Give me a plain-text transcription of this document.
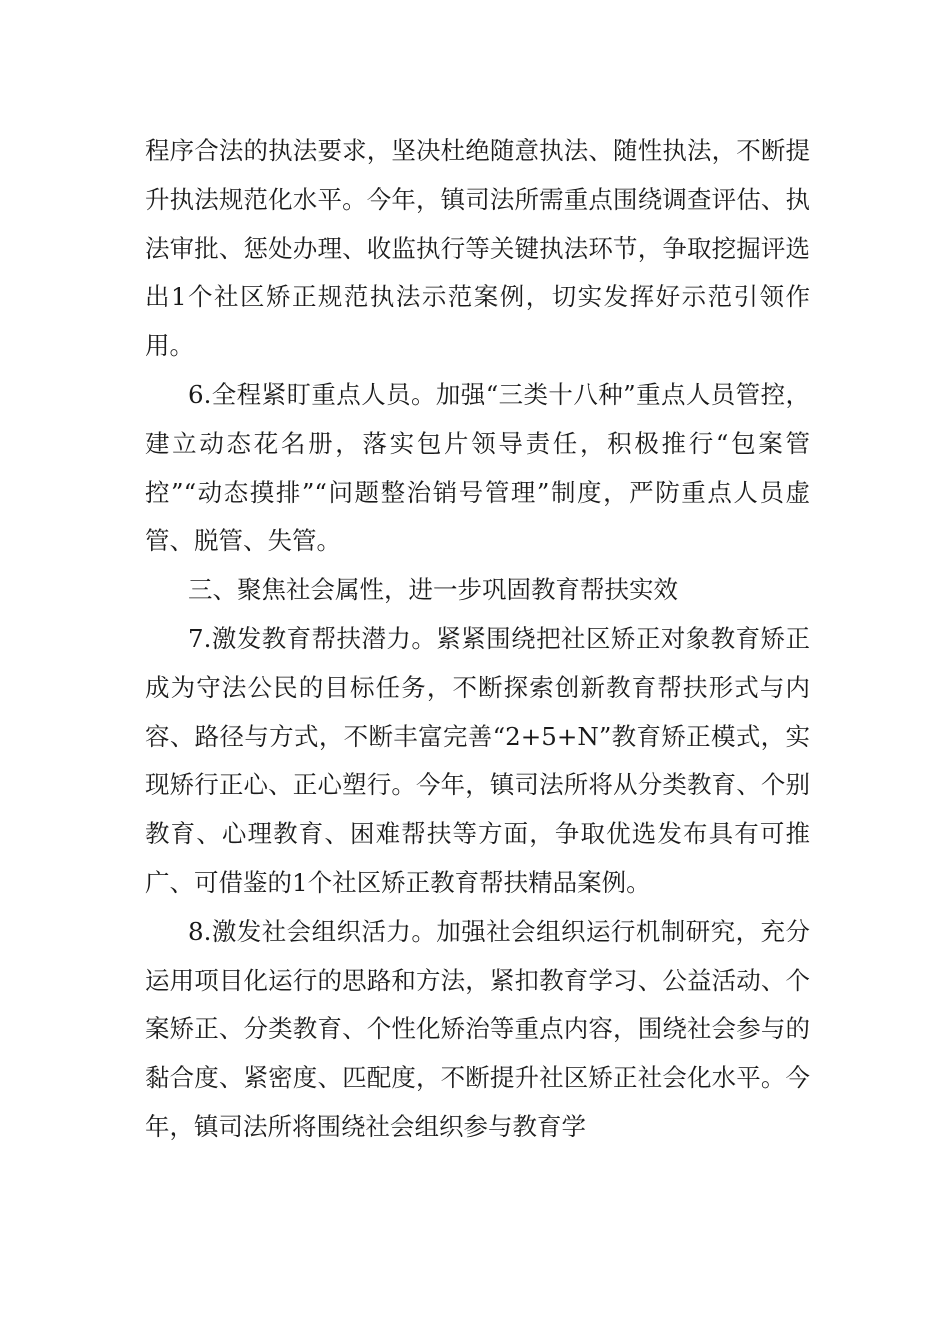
程序合法的执法要求，坚决杜绝随意执法、随性执法，不断提升执法规范化水平。今年，镇司法所需重点围绕调查评估、执法审批、惩处办理、收监执行等关键执法环节，争取挖掘评选出1个社区矫正规范执法示范案例，切实发挥好示范引领作用。

6.全程紧盯重点人员。加强“三类十八种”重点人员管控，建立动态花名册，落实包片领导责任，积极推行“包案管控”“动态摸排”“问题整治销号管理”制度，严防重点人员虚管、脱管、失管。

三、聚焦社会属性，进一步巩固教育帮扶实效

7.激发教育帮扶潜力。紧紧围绕把社区矫正对象教育矫正成为守法公民的目标任务，不断探索创新教育帮扶形式与内容、路径与方式，不断丰富完善“2+5+N”教育矫正模式，实现矫行正心、正心塑行。今年，镇司法所将从分类教育、个别教育、心理教育、困难帮扶等方面，争取优选发布具有可推广、可借鉴的1个社区矫正教育帮扶精品案例。

8.激发社会组织活力。加强社会组织运行机制研究，充分运用项目化运行的思路和方法，紧扣教育学习、公益活动、个案矫正、分类教育、个性化矫治等重点内容，围绕社会参与的黏合度、紧密度、匹配度，不断提升社区矫正社会化水平。今年，镇司法所将围绕社会组织参与教育学
